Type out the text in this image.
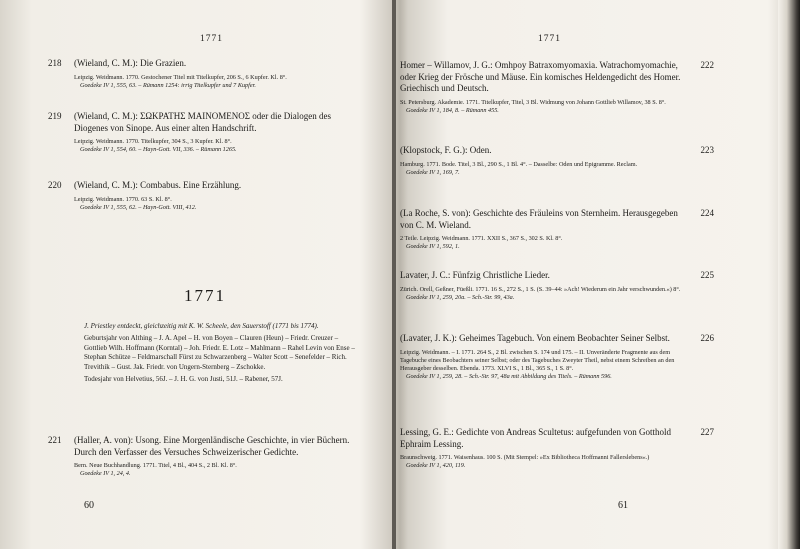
1771
218 (Wieland, C. M.): Die Grazien.
Leipzig. Weidmann. 1770. Gestochener Titel mit Titelkupfer, 206 S., 6 Kupfer. Kl. 8°.
Goedeke IV 1, 555, 63. – Rümann 1254: irrig Titelkupfer und 7 Kupfer.
219 (Wieland, C. M.): ΣΩΚΡΑΤΗΣ ΜΑΙΝΟΜΕΝΟΣ oder die Dialogen des Diogenes von Sinope. Aus einer alten Handschrift.
Leipzig. Weidmann. 1770. Titelkupfer, 304 S., 3 Kupfer. Kl. 8°.
Goedeke IV 1, 554, 60. – Hayn-Gott. VII, 336. – Rümann 1265.
220 (Wieland, C. M.): Combabus. Eine Erzählung.
Leipzig. Weidmann. 1770. 63 S. Kl. 8°.
Goedeke IV 1, 555, 62. – Hayn-Gott. VIII, 412.
1771

J. Priestley entdeckt, gleichzeitig mit K. W. Scheele, den Sauerstoff (1771 bis 1774).

Geburtsjahr von Althing – J. A. Apel – H. von Boyen – Clauren (Heun) – Friedr. Creuzer – Gottlieb Wilh. Hoffmann (Korntal) – Joh. Friedr. E. Lotz – Mahlmann – Rahel Levin von Ense – Stephan Schütze – Feldmarschall Fürst zu Schwarzenberg – Walter Scott – Senefelder – Rich. Trevithik – Gust. Jak. Friedr. von Ungern-Sternberg – Zschokke.

Todesjahr von Helvetius, 56J. – J. H. G. von Justi, 51J. – Rabener, 57J.

221 (Haller, A. von): Usong. Eine Morgenländische Geschichte, in vier Büchern. Durch den Verfasser des Versuches Schweizerischer Gedichte.
Bern. Neue Buchhandlung. 1771. Titel, 4 Bl., 404 S., 2 Bl. Kl. 8°.
Goedeke IV 1, 24, 4.
60
1771
222
Homer – Willamov, J. G.: Omhpoy Batraxomyomaxia. Watrachomyomachie, oder Krieg der Frösche und Mäuse. Ein komisches Heldengedicht des Homer. Griechisch und Deutsch.
St. Petersburg. Akademie. 1771. Titelkupfer, Titel, 3 Bl. Widmung von Johann Gottlieb Willamov, 38 S. 8°.
Goedeke IV 1, 184, 8. – Rümann 455.
223
(Klopstock, F. G.): Oden.
Hamburg. 1771. Bode. Titel, 3 Bl., 290 S., 1 Bl. 4°. – Dasselbe: Oden und Epigramme. Reclam.
Goedeke IV 1, 169, 7.
224
(La Roche, S. von): Geschichte des Fräuleins von Sternheim. Herausgegeben von C. M. Wieland.
2 Teile. Leipzig. Weidmann. 1771. XXII S., 367 S., 302 S. Kl. 8°.
Goedeke IV 1, 592, 1.
225
Lavater, J. C.: Fünfzig Christliche Lieder.
Zürich. Orell, Geßner, Füeßli. 1771. 16 S., 272 S., 1 S. (S. 39–44: »Ach! Wiederum ein Jahr verschwunden.«) 8°.
Goedeke IV 1, 259, 20a. – Sch.-Str. 99, 43a.
226
(Lavater, J. K.): Geheimes Tagebuch. Von einem Beobachter Seiner Selbst.
Leipzig. Weidmann. – I. 1771. 264 S., 2 Bl. zwischen S. 174 und 175. – II. Unveränderte Fragmente aus dem Tagebuche eines Beobachters seiner Selbst; oder des Tagebuches Zweyter Theil, nebst einem Schreiben an den Herausgeber desselben. Ebenda. 1773. XLVI S., 1 Bl., 365 S., 1 S. 8°.
Goedeke IV 1, 259, 28. – Sch.-Str. 97, 48a mit Abbildung des Titels. – Rümann 596.
227
Lessing, G. E.: Gedichte von Andreas Scultetus: aufgefunden von Gotthold Ephraim Lessing.
Braunschweig. 1771. Waisenhaus. 100 S. (Mit Stempel: »Ex Bibliotheca Hoffmanni Fallerslebens«.)
Goedeke IV 1, 420, 119.
61
